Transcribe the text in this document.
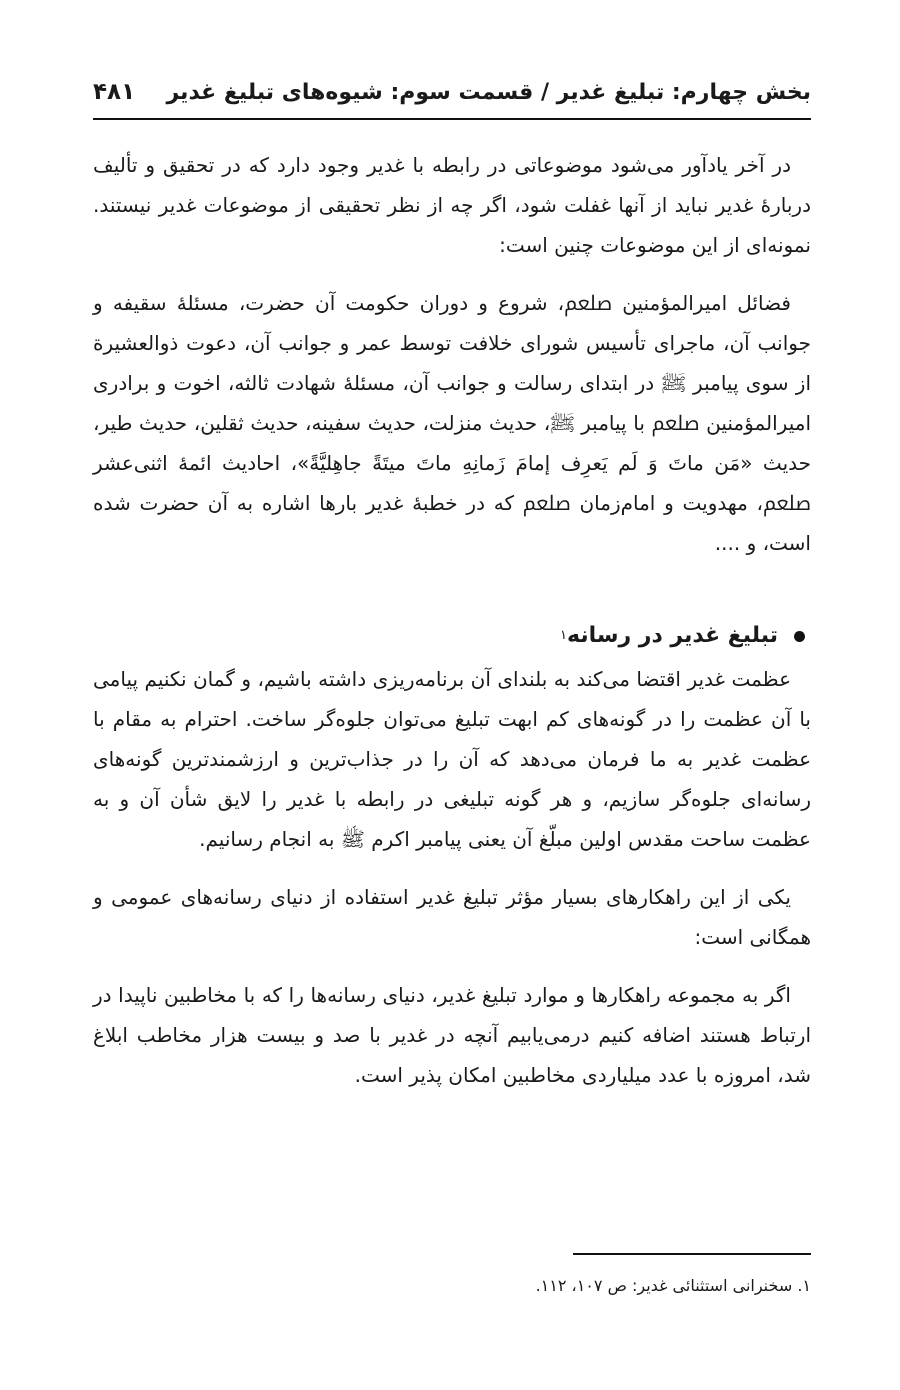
بخش چهارم: تبلیغ غدیر / قسمت سوم: شیوه‌های تبلیغ غدیر
۴۸۱

در آخر یادآور می‌شود موضوعاتی در رابطه با غدیر وجود دارد که در تحقیق و تألیف دربارهٔ غدیر نباید از آنها غفلت شود، اگر چه از نظر تحقیقی از موضوعات غدیر نیستند. نمونه‌ای از این موضوعات چنین است:

فضائل امیرالمؤمنین ﷵ، شروع و دوران حکومت آن حضرت، مسئلهٔ سقیفه و جوانب آن، ماجرای تأسیس شورای خلافت توسط عمر و جوانب آن، دعوت ذوالعشیرة از سوی پیامبر ﷺ در ابتدای رسالت و جوانب آن، مسئلهٔ شهادت ثالثه، اخوت و برادری امیرالمؤمنین ﷵ با پیامبر ﷺ، حدیث منزلت، حدیث سفینه، حدیث ثقلین، حدیث طیر، حدیث «مَن ماتَ وَ لَم یَعرِف إمامَ زَمانِهِ ماتَ میتَةً جاهِلیَّةً»، احادیث ائمهٔ اثنی‌عشر ﷵ، مهدویت و امام‌زمان ﷵ که در خطبهٔ غدیر بارها اشاره به آن حضرت شده است، و ....

تبلیغ غدیر در رسانه
۱

عظمت غدیر اقتضا می‌کند به بلندای آن برنامه‌ریزی داشته باشیم، و گمان نکنیم پیامی با آن عظمت را در گونه‌های کم ابهت تبلیغ می‌توان جلوه‌گر ساخت. احترام به مقام با عظمت غدیر به ما فرمان می‌دهد که آن را در جذاب‌ترین و ارزشمندترین گونه‌های رسانه‌ای جلوه‌گر سازیم، و هر گونه تبلیغی در رابطه با غدیر را لایق شأن آن و به عظمت ساحت مقدس اولین مبلّغ آن یعنی پیامبر اکرم ﷺ به انجام رسانیم.

یکی از این راهکارهای بسیار مؤثر تبلیغ غدیر استفاده از دنیای رسانه‌های عمومی و همگانی است:

اگر به مجموعه راهکارها و موارد تبلیغ غدیر، دنیای رسانه‌ها را که با مخاطبین ناپیدا در ارتباط هستند اضافه کنیم درمی‌یابیم آنچه در غدیر با صد و بیست هزار مخاطب ابلاغ شد، امروزه با عدد میلیاردی مخاطبین امکان پذیر است.

۱. سخنرانی استثنائی غدیر: ص ۱۰۷، ۱۱۲.
